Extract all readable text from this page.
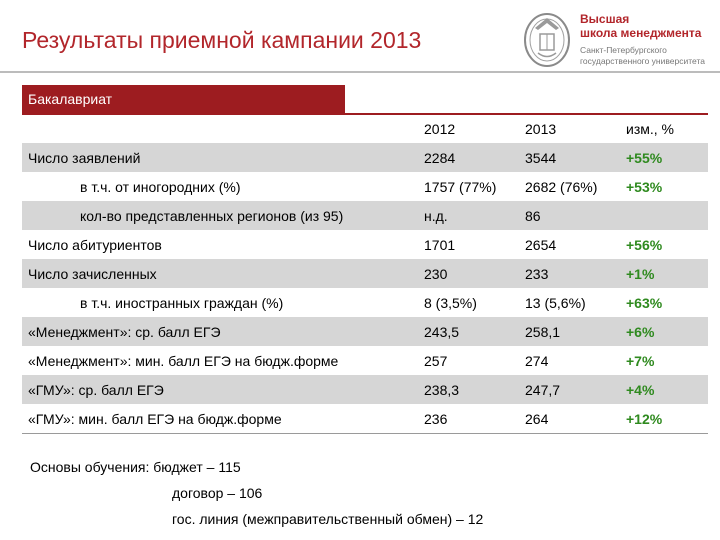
Результаты приемной кампании 2013
Высшая
школа менеджмента
Санкт-Петербургского
государственного университета
Бакалавриат
	2012	2013	изм., %
Число заявлений	2284	3544	+55%
в т.ч. от иногородних (%)	1757 (77%)	2682 (76%)	+53%
кол-во представленных регионов (из 95)	н.д.	86	
Число абитуриентов	1701	2654	+56%
Число зачисленных	230	233	+1%
в т.ч. иностранных граждан (%)	8 (3,5%)	13 (5,6%)	+63%
«Менеджмент»: ср. балл ЕГЭ	243,5	258,1	+6%
«Менеджмент»: мин. балл ЕГЭ на бюдж.форме	257	274	+7%
«ГМУ»: ср. балл ЕГЭ	238,3	247,7	+4%
«ГМУ»: мин. балл ЕГЭ на бюдж.форме	236	264	+12%
Основы обучения: бюджет – 115
договор – 106
гос. линия (межправительственный обмен) – 12
